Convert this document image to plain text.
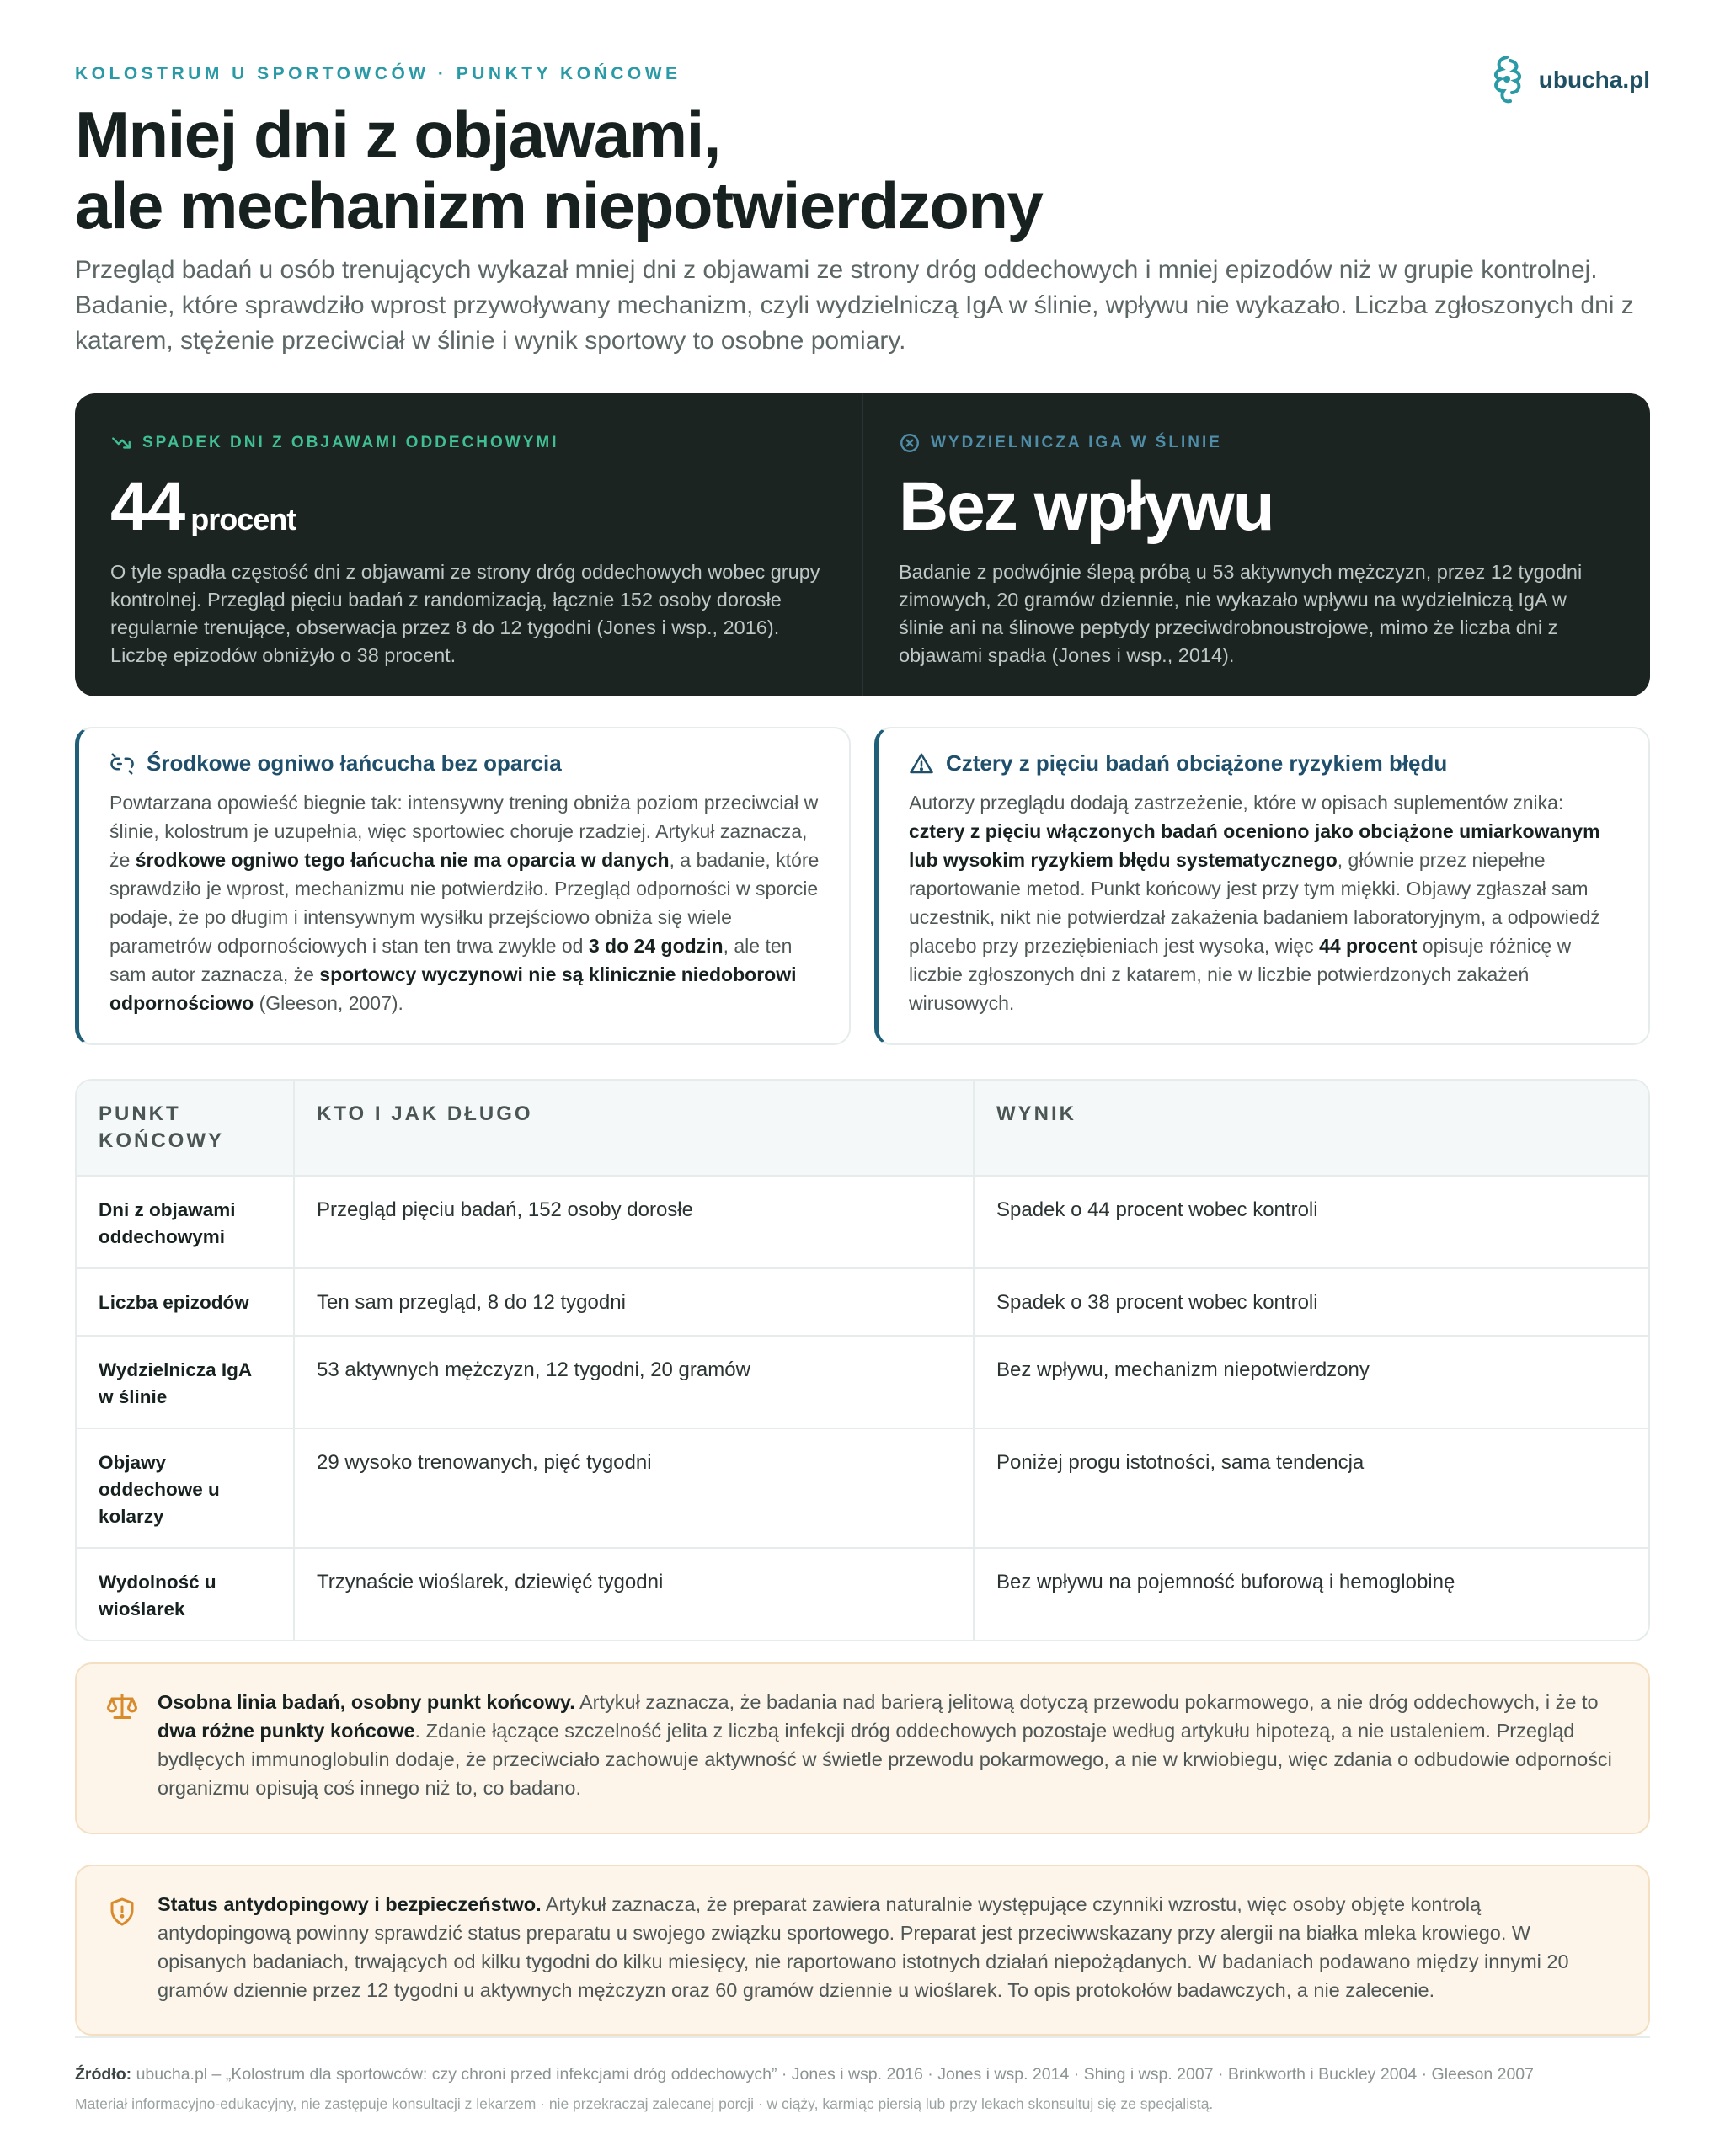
KOLOSTRUM U SPORTOWCÓW · PUNKTY KOŃCOWE	ubucha.pl
Mniej dni z objawami,
ale mechanizm niepotwierdzony

Przegląd badań u osób trenujących wykazał mniej dni z objawami ze strony dróg oddechowych i mniej epizodów niż w grupie kontrolnej. Badanie, które sprawdziło wprost przywoływany mechanizm, czyli wydzielniczą IgA w ślinie, wpływu nie wykazało. Liczba zgłoszonych dni z katarem, stężenie przeciwciał w ślinie i wynik sportowy to osobne pomiary.

SPADEK DNI Z OBJAWAMI ODDECHOWYMI
44 procent

O tyle spadła częstość dni z objawami ze strony dróg oddechowych wobec grupy kontrolnej. Przegląd pięciu badań z randomizacją, łącznie 152 osoby dorosłe regularnie trenujące, obserwacja przez 8 do 12 tygodni (Jones i wsp., 2016). Liczbę epizodów obniżyło o 38 procent.

WYDZIELNICZA IGA W ŚLINIE
Bez wpływu

Badanie z podwójnie ślepą próbą u 53 aktywnych mężczyzn, przez 12 tygodni zimowych, 20 gramów dziennie, nie wykazało wpływu na wydzielniczą IgA w ślinie ani na ślinowe peptydy przeciwdrobnoustrojowe, mimo że liczba dni z objawami spadła (Jones i wsp., 2014).

Środkowe ogniwo łańcucha bez oparcia

Powtarzana opowieść biegnie tak: intensywny trening obniża poziom przeciwciał w ślinie, kolostrum je uzupełnia, więc sportowiec choruje rzadziej. Artykuł zaznacza, że środkowe ogniwo tego łańcucha nie ma oparcia w danych, a badanie, które sprawdziło je wprost, mechanizmu nie potwierdziło. Przegląd odporności w sporcie podaje, że po długim i intensywnym wysiłku przejściowo obniża się wiele parametrów odpornościowych i stan ten trwa zwykle od 3 do 24 godzin, ale ten sam autor zaznacza, że sportowcy wyczynowi nie są klinicznie niedoborowi odpornościowo (Gleeson, 2007).

Cztery z pięciu badań obciążone ryzykiem błędu

Autorzy przeglądu dodają zastrzeżenie, które w opisach suplementów znika: cztery z pięciu włączonych badań oceniono jako obciążone umiarkowanym lub wysokim ryzykiem błędu systematycznego, głównie przez niepełne raportowanie metod. Punkt końcowy jest przy tym miękki. Objawy zgłaszał sam uczestnik, nikt nie potwierdzał zakażenia badaniem laboratoryjnym, a odpowiedź placebo przy przeziębieniach jest wysoka, więc 44 procent opisuje różnicę w liczbie zgłoszonych dni z katarem, nie w liczbie potwierdzonych zakażeń wirusowych.

PUNKT KOŃCOWY	KTO I JAK DŁUGO	WYNIK
Dni z objawami oddechowymi	Przegląd pięciu badań, 152 osoby dorosłe	Spadek o 44 procent wobec kontroli
Liczba epizodów	Ten sam przegląd, 8 do 12 tygodni	Spadek o 38 procent wobec kontroli
Wydzielnicza IgA w ślinie	53 aktywnych mężczyzn, 12 tygodni, 20 gramów	Bez wpływu, mechanizm niepotwierdzony
Objawy oddechowe u kolarzy	29 wysoko trenowanych, pięć tygodni	Poniżej progu istotności, sama tendencja
Wydolność u wioślarek	Trzynaście wioślarek, dziewięć tygodni	Bez wpływu na pojemność buforową i hemoglobinę

Osobna linia badań, osobny punkt końcowy. Artykuł zaznacza, że badania nad barierą jelitową dotyczą przewodu pokarmowego, a nie dróg oddechowych, i że to dwa różne punkty końcowe. Zdanie łączące szczelność jelita z liczbą infekcji dróg oddechowych pozostaje według artykułu hipotezą, a nie ustaleniem. Przegląd bydlęcych immunoglobulin dodaje, że przeciwciało zachowuje aktywność w świetle przewodu pokarmowego, a nie w krwiobiegu, więc zdania o odbudowie odporności organizmu opisują coś innego niż to, co badano.

Status antydopingowy i bezpieczeństwo. Artykuł zaznacza, że preparat zawiera naturalnie występujące czynniki wzrostu, więc osoby objęte kontrolą antydopingową powinny sprawdzić status preparatu u swojego związku sportowego. Preparat jest przeciwwskazany przy alergii na białka mleka krowiego. W opisanych badaniach, trwających od kilku tygodni do kilku miesięcy, nie raportowano istotnych działań niepożądanych. W badaniach podawano między innymi 20 gramów dziennie przez 12 tygodni u aktywnych mężczyzn oraz 60 gramów dziennie u wioślarek. To opis protokołów badawczych, a nie zalecenie.

Źródło: ubucha.pl – „Kolostrum dla sportowców: czy chroni przed infekcjami dróg oddechowych” · Jones i wsp. 2016 · Jones i wsp. 2014 · Shing i wsp. 2007 · Brinkworth i Buckley 2004 · Gleeson 2007

Materiał informacyjno-edukacyjny, nie zastępuje konsultacji z lekarzem · nie przekraczaj zalecanej porcji · w ciąży, karmiąc piersią lub przy lekach skonsultuj się ze specjalistą.
